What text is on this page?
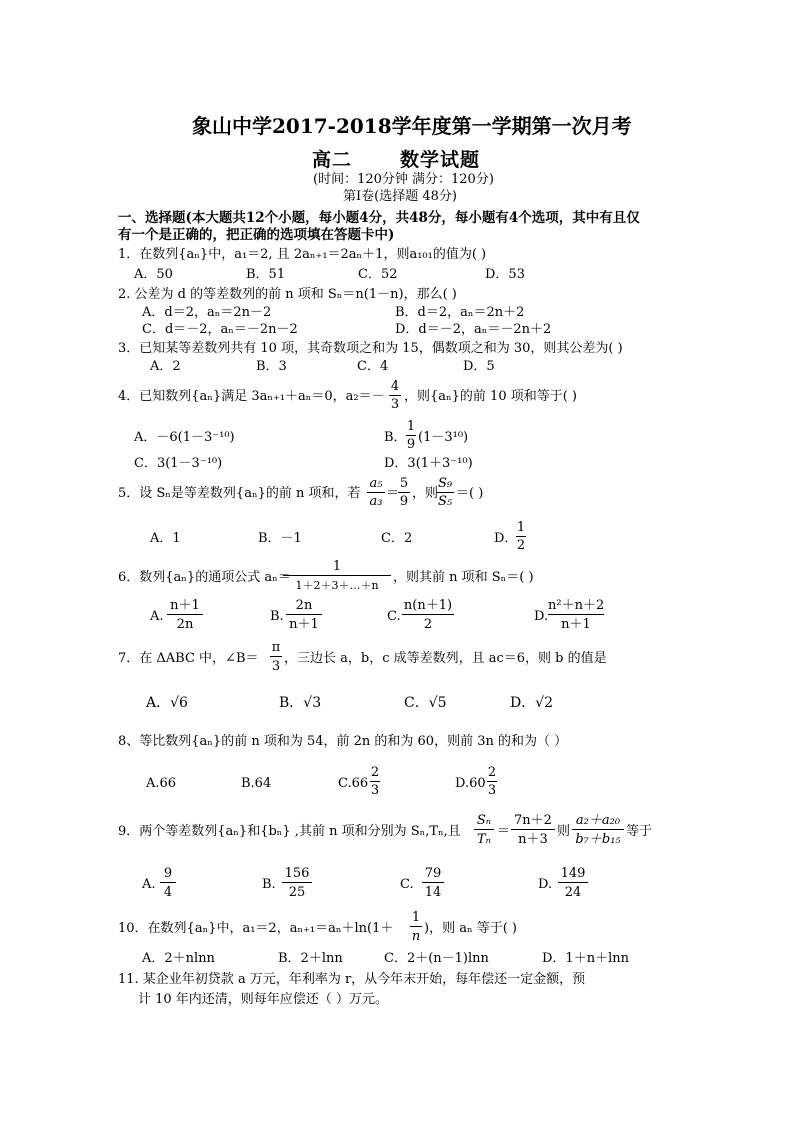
象山中学2017-2018学年度第一学期第一次月考
高二	数学试题
(时间：120分钟 满分：120分)
第Ⅰ卷(选择题 48分)
一、选择题(本大题共12个小题，每小题4分，共48分，每小题有4个选项，其中有且仅
有一个是正确的，把正确的选项填在答题卡中)
1．在数列{aₙ}中，a₁＝2, 且 2aₙ₊₁＝2aₙ＋1，则a₁₀₁的值为( )
A．50	B．51	C．52	D．53
2. 公差为 d 的等差数列的前 n 项和 Sₙ＝n(1－n)，那么( )
A．d＝2，aₙ＝2n－2	B．d＝2，aₙ＝2n＋2
C．d＝－2，aₙ＝－2n－2	D．d＝－2，aₙ＝－2n＋2
3．已知某等差数列共有 10 项，其奇数项之和为 15，偶数项之和为 30，则其公差为( )
A．2	B．3	C．4	D．5
4．已知数列{aₙ}满足 3aₙ₊₁＋aₙ＝0，a₂＝－
4
3
，则{aₙ}的前 10 项和等于( )
A．－6(1－3⁻¹⁰)	B．
1
9 (1－3¹⁰)
C．3(1－3⁻¹⁰)	D．3(1＋3⁻¹⁰)
5．设 Sₙ是等差数列{aₙ}的前 n 项和，若
a₅
a₃
＝
5
9
，则
S₉
S₅
＝( )
A．1	B．－1	C．2	D．
1
2
6．数列{aₙ}的通项公式 aₙ＝
1
1＋2＋3＋…＋n
，则其前 n 项和 Sₙ＝( )
A.
n＋1
2n
B.
2n
n＋1
C.
n(n＋1)
2
D.
n²＋n＋2
n＋1
7．在 ΔABC 中，∠B＝
π
3
，三边长 a，b，c 成等差数列，且 ac＝6，则 b 的值是
A．√6	B．√3	C．√5	D．√2
8、等比数列{aₙ}的前 n 项和为 54，前 2n 的和为 60，则前 3n 的和为（ ）
A.66	B.64	C.66
2
3	D.60
2
3
9．两个等差数列{aₙ}和{bₙ} ,其前 n 项和分别为 Sₙ,Tₙ,且
Sₙ
Tₙ
＝
7n＋2
n＋3
则
a₂＋a₂₀
b₇＋b₁₅
等于
A.
9
4
B.
156
25
C.
79
14
D.
149
24
10．在数列{aₙ}中，a₁＝2，aₙ₊₁＝aₙ＋ln(1＋
1
n
)，则 aₙ 等于( )
A．2＋nlnn	B．2＋lnn	C．2＋(n－1)lnn	D．1＋n＋lnn
11. 某企业年初贷款 a 万元，年利率为 r，从今年末开始，每年偿还一定金额，预
计 10 年内还清，则每年应偿还（ ）万元。
